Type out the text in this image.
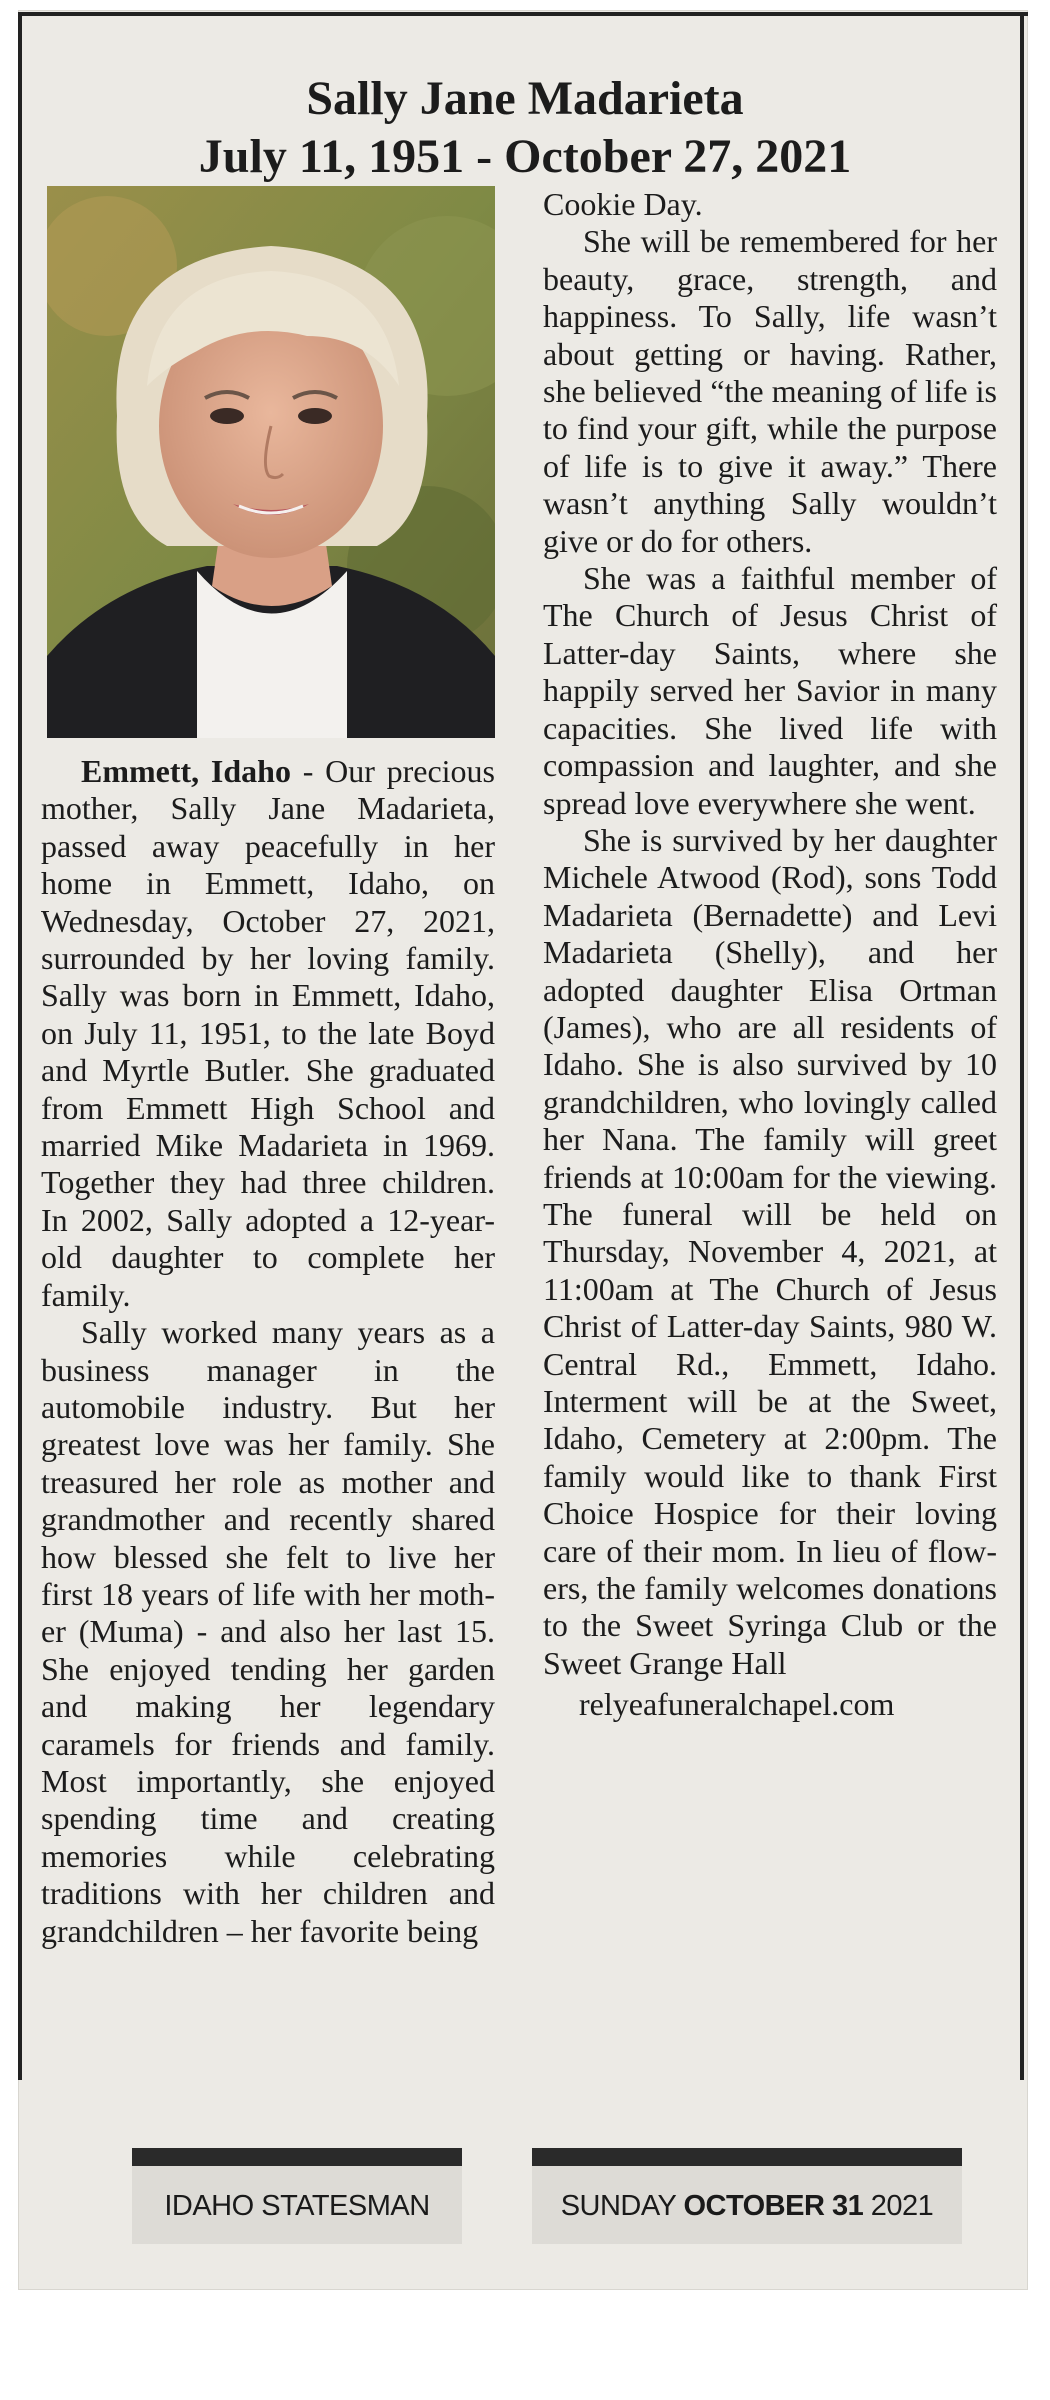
Sally Jane Madarieta
July 11, 1951 - October 27, 2021

Emmett, Idaho - Our precious mother, Sally Jane Madarieta, passed away peacefully in her home in Emmett, Idaho, on Wednesday, October 27, 2021, surrounded by her loving family. Sally was born in Emmett, Idaho, on July 11, 1951, to the late Boyd and Myrtle Butler. She graduated from Emmett High School and married Mike Madarieta in 1969. Together they had three children. In 2002, Sally adopted a 12-year-old daughter to complete her family.

Sally worked many years as a business manager in the automobile industry. But her greatest love was her family. She treasured her role as mother and grandmother and recently shared how blessed she felt to live her first 18 years of life with her mother (Muma) - and also her last 15. She enjoyed tending her garden and making her legendary caramels for friends and family. Most importantly, she enjoyed spending time and creating memories while celebrating traditions with her children and grandchildren – her favorite being

Cookie Day.

She will be remembered for her beauty, grace, strength, and happiness. To Sally, life wasn’t about getting or having. Rather, she believed “the meaning of life is to find your gift, while the purpose of life is to give it away.” There wasn’t anything Sally wouldn’t give or do for others.

She was a faithful member of The Church of Jesus Christ of Latter-day Saints, where she happily served her Savior in many capacities. She lived life with compassion and laughter, and she spread love everywhere she went.

She is survived by her daughter Michele Atwood (Rod), sons Todd Madarieta (Bernadette) and Levi Madarieta (Shelly), and her adopted daughter Elisa Ortman (James), who are all residents of Idaho. She is also survived by 10 grandchildren, who lovingly called her Nana. The family will greet friends at 10:00am for the viewing. The funeral will be held on Thursday, November 4, 2021, at 11:00am at The Church of Jesus Christ of Latter-day Saints, 980 W. Central Rd., Emmett, Idaho. Interment will be at the Sweet, Idaho, Cemetery at 2:00pm. The family would like to thank First Choice Hospice for their loving care of their mom. In lieu of flowers, the family welcomes donations to the Sweet Syringa Club or the Sweet Grange Hall

relyeafuneralchapel.com

IDAHO STATESMAN	SUNDAY OCTOBER 31 2021
